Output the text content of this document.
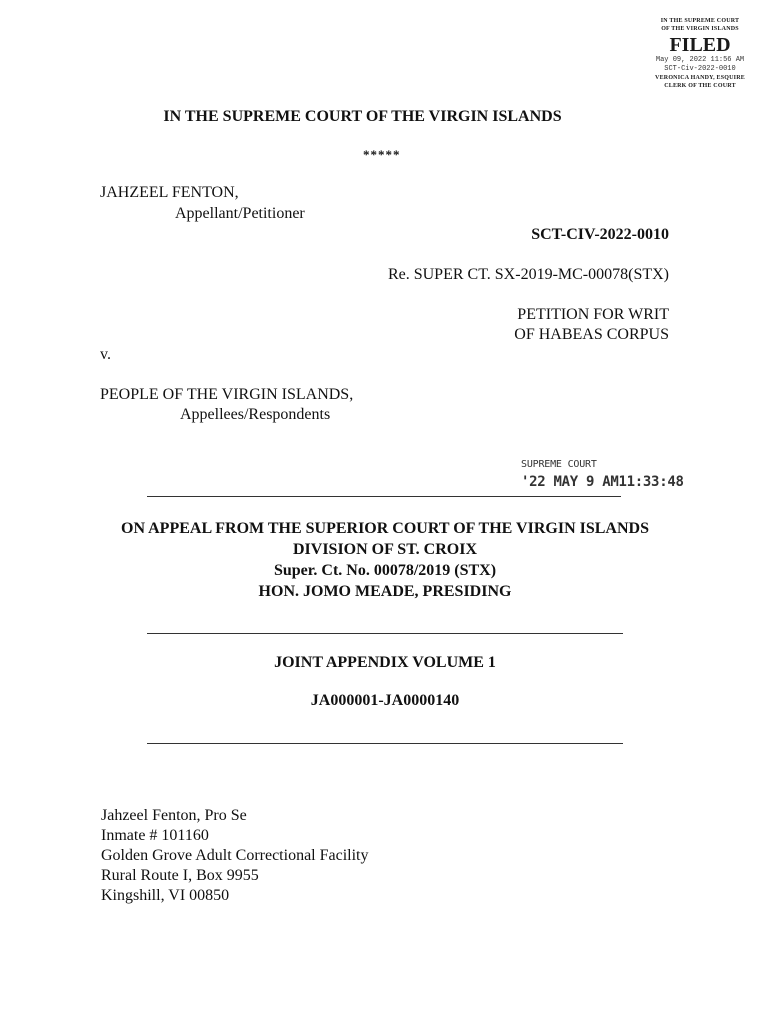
IN THE SUPREME COURT
OF THE VIRGIN ISLANDS
FILED
May 09, 2022 11:56 AM
SCT-Civ-2022-0010
VERONICA HANDY, ESQUIRE
CLERK OF THE COURT
IN THE SUPREME COURT OF THE VIRGIN ISLANDS
*****
JAHZEEL FENTON,
Appellant/Petitioner
SCT-CIV-2022-0010
Re. SUPER CT. SX-2019-MC-00078(STX)
PETITION FOR WRIT
OF HABEAS CORPUS
v.
PEOPLE OF THE VIRGIN ISLANDS,
Appellees/Respondents
SUPREME COURT
'22 MAY 9 AM11:33:48
ON APPEAL FROM THE SUPERIOR COURT OF THE VIRGIN ISLANDS
DIVISION OF ST. CROIX
Super. Ct. No. 00078/2019 (STX)
HON. JOMO MEADE, PRESIDING
JOINT APPENDIX VOLUME 1
JA000001-JA0000140
Jahzeel Fenton, Pro Se
Inmate # 101160
Golden Grove Adult Correctional Facility
Rural Route I, Box 9955
Kingshill, VI 00850
